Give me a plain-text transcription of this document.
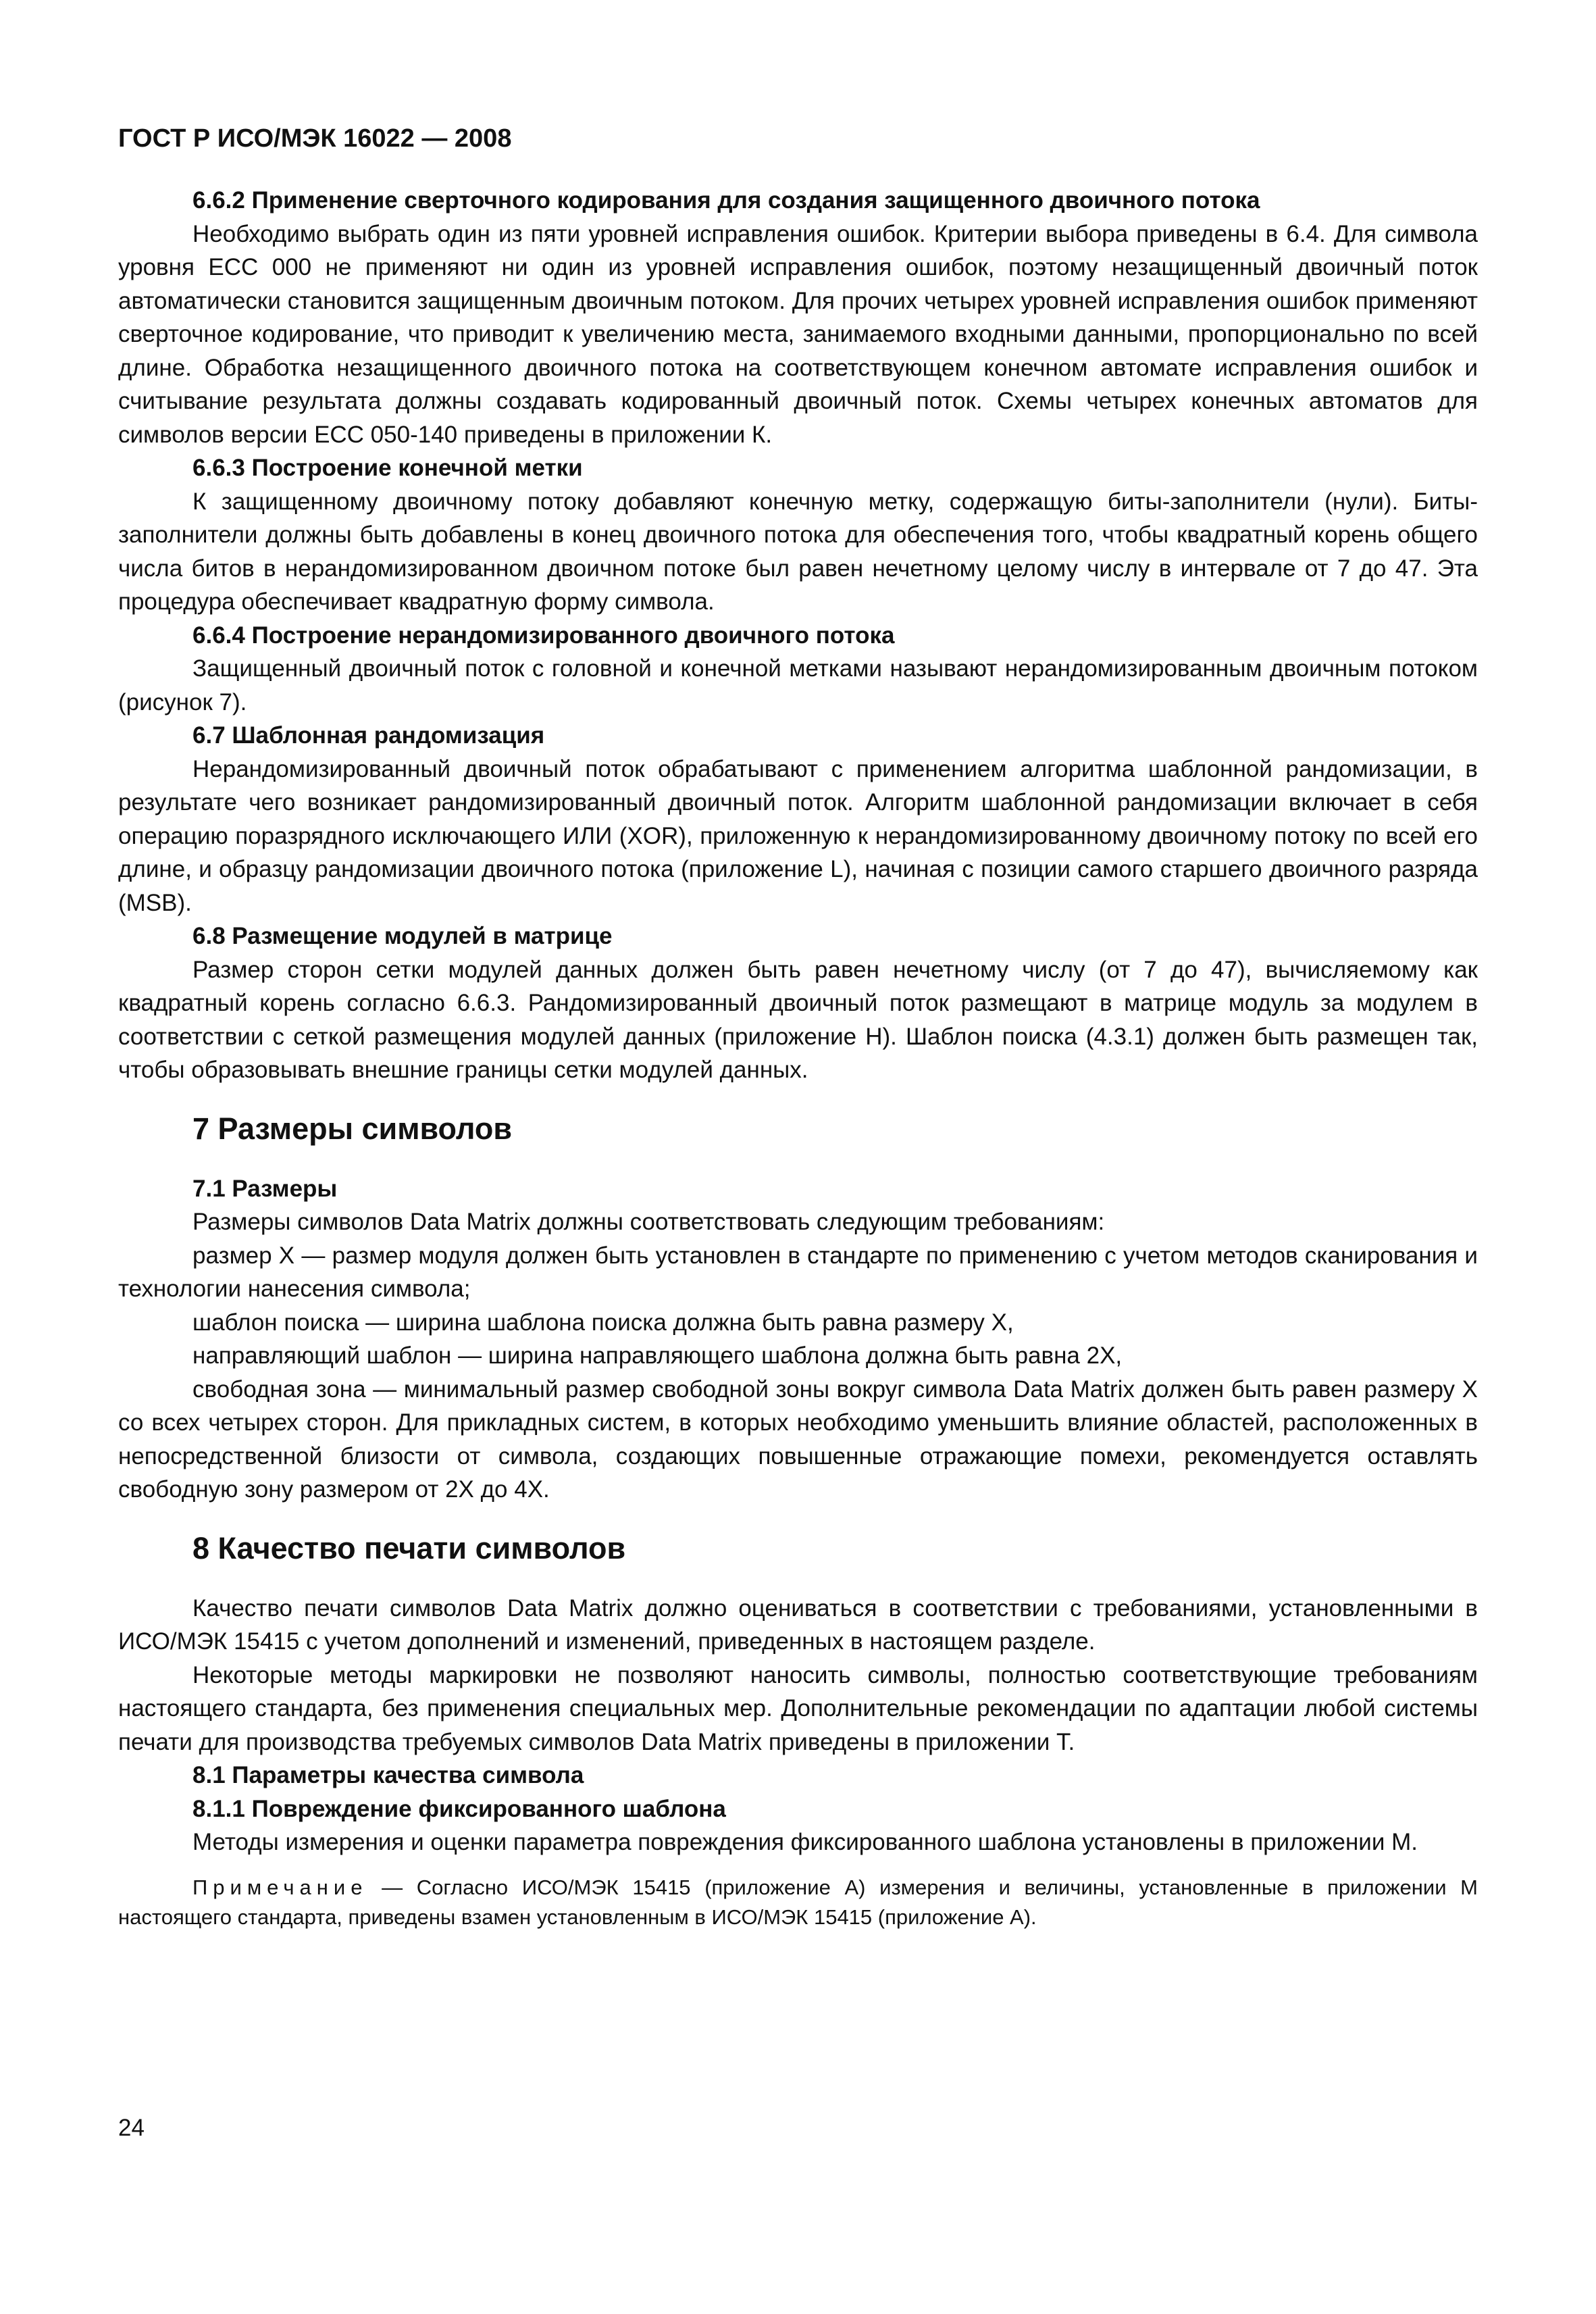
ГОСТ Р ИСО/МЭК 16022 — 2008
6.6.2 Применение сверточного кодирования для создания защищенного двоичного потока

Необходимо выбрать один из пяти уровней исправления ошибок. Критерии выбора приведены в 6.4. Для символа уровня ЕСС 000 не применяют ни один из уровней исправления ошибок, поэтому незащищенный двоичный поток автоматически становится защищенным двоичным потоком. Для прочих четырех уровней исправления ошибок применяют сверточное кодирование, что приводит к увеличению места, занимаемого входными данными, пропорционально по всей длине. Обработка незащищенного двоичного потока на соответствующем конечном автомате исправления ошибок и считывание результата должны создавать кодированный двоичный поток. Схемы четырех конечных автоматов для символов версии ЕСС 050-140 приведены в приложении К.

6.6.3 Построение конечной метки

К защищенному двоичному потоку добавляют конечную метку, содержащую биты-заполнители (нули). Биты-заполнители должны быть добавлены в конец двоичного потока для обеспечения того, чтобы квадратный корень общего числа битов в нерандомизированном двоичном потоке был равен нечетному целому числу в интервале от 7 до 47. Эта процедура обеспечивает квадратную форму символа.

6.6.4 Построение нерандомизированного двоичного потока

Защищенный двоичный поток с головной и конечной метками называют нерандомизированным двоичным потоком (рисунок 7).

6.7 Шаблонная рандомизация

Нерандомизированный двоичный поток обрабатывают с применением алгоритма шаблонной рандомизации, в результате чего возникает рандомизированный двоичный поток. Алгоритм шаблонной рандомизации включает в себя операцию поразрядного исключающего ИЛИ (XOR), приложенную к нерандомизированному двоичному потоку по всей его длине, и образцу рандомизации двоичного потока (приложение L), начиная с позиции самого старшего двоичного разряда (MSB).

6.8 Размещение модулей в матрице

Размер сторон сетки модулей данных должен быть равен нечетному числу (от 7 до 47), вычисляемому как квадратный корень согласно 6.6.3. Рандомизированный двоичный поток размещают в матрице модуль за модулем в соответствии с сеткой размещения модулей данных (приложение Н). Шаблон поиска (4.3.1) должен быть размещен так, чтобы образовывать внешние границы сетки модулей данных.

7 Размеры символов
7.1 Размеры

Размеры символов Data Matrix должны соответствовать следующим требованиям:

размер X — размер модуля должен быть установлен в стандарте по применению с учетом методов сканирования и технологии нанесения символа;

шаблон поиска — ширина шаблона поиска должна быть равна размеру X,

направляющий шаблон — ширина направляющего шаблона должна быть равна 2X,

свободная зона — минимальный размер свободной зоны вокруг символа Data Matrix должен быть равен размеру X со всех четырех сторон. Для прикладных систем, в которых необходимо уменьшить влияние областей, расположенных в непосредственной близости от символа, создающих повышенные отражающие помехи, рекомендуется оставлять свободную зону размером от 2X до 4X.

8 Качество печати символов

Качество печати символов Data Matrix должно оцениваться в соответствии с требованиями, установленными в ИСО/МЭК 15415 с учетом дополнений и изменений, приведенных в настоящем разделе.

Некоторые методы маркировки не позволяют наносить символы, полностью соответствующие требованиям настоящего стандарта, без применения специальных мер. Дополнительные рекомендации по адаптации любой системы печати для производства требуемых символов Data Matrix приведены в приложении Т.

8.1 Параметры качества символа
8.1.1 Повреждение фиксированного шаблона

Методы измерения и оценки параметра повреждения фиксированного шаблона установлены в приложении М.

Примечание — Согласно ИСО/МЭК 15415 (приложение А) измерения и величины, установленные в приложении М настоящего стандарта, приведены взамен установленным в ИСО/МЭК 15415 (приложение А).
24
